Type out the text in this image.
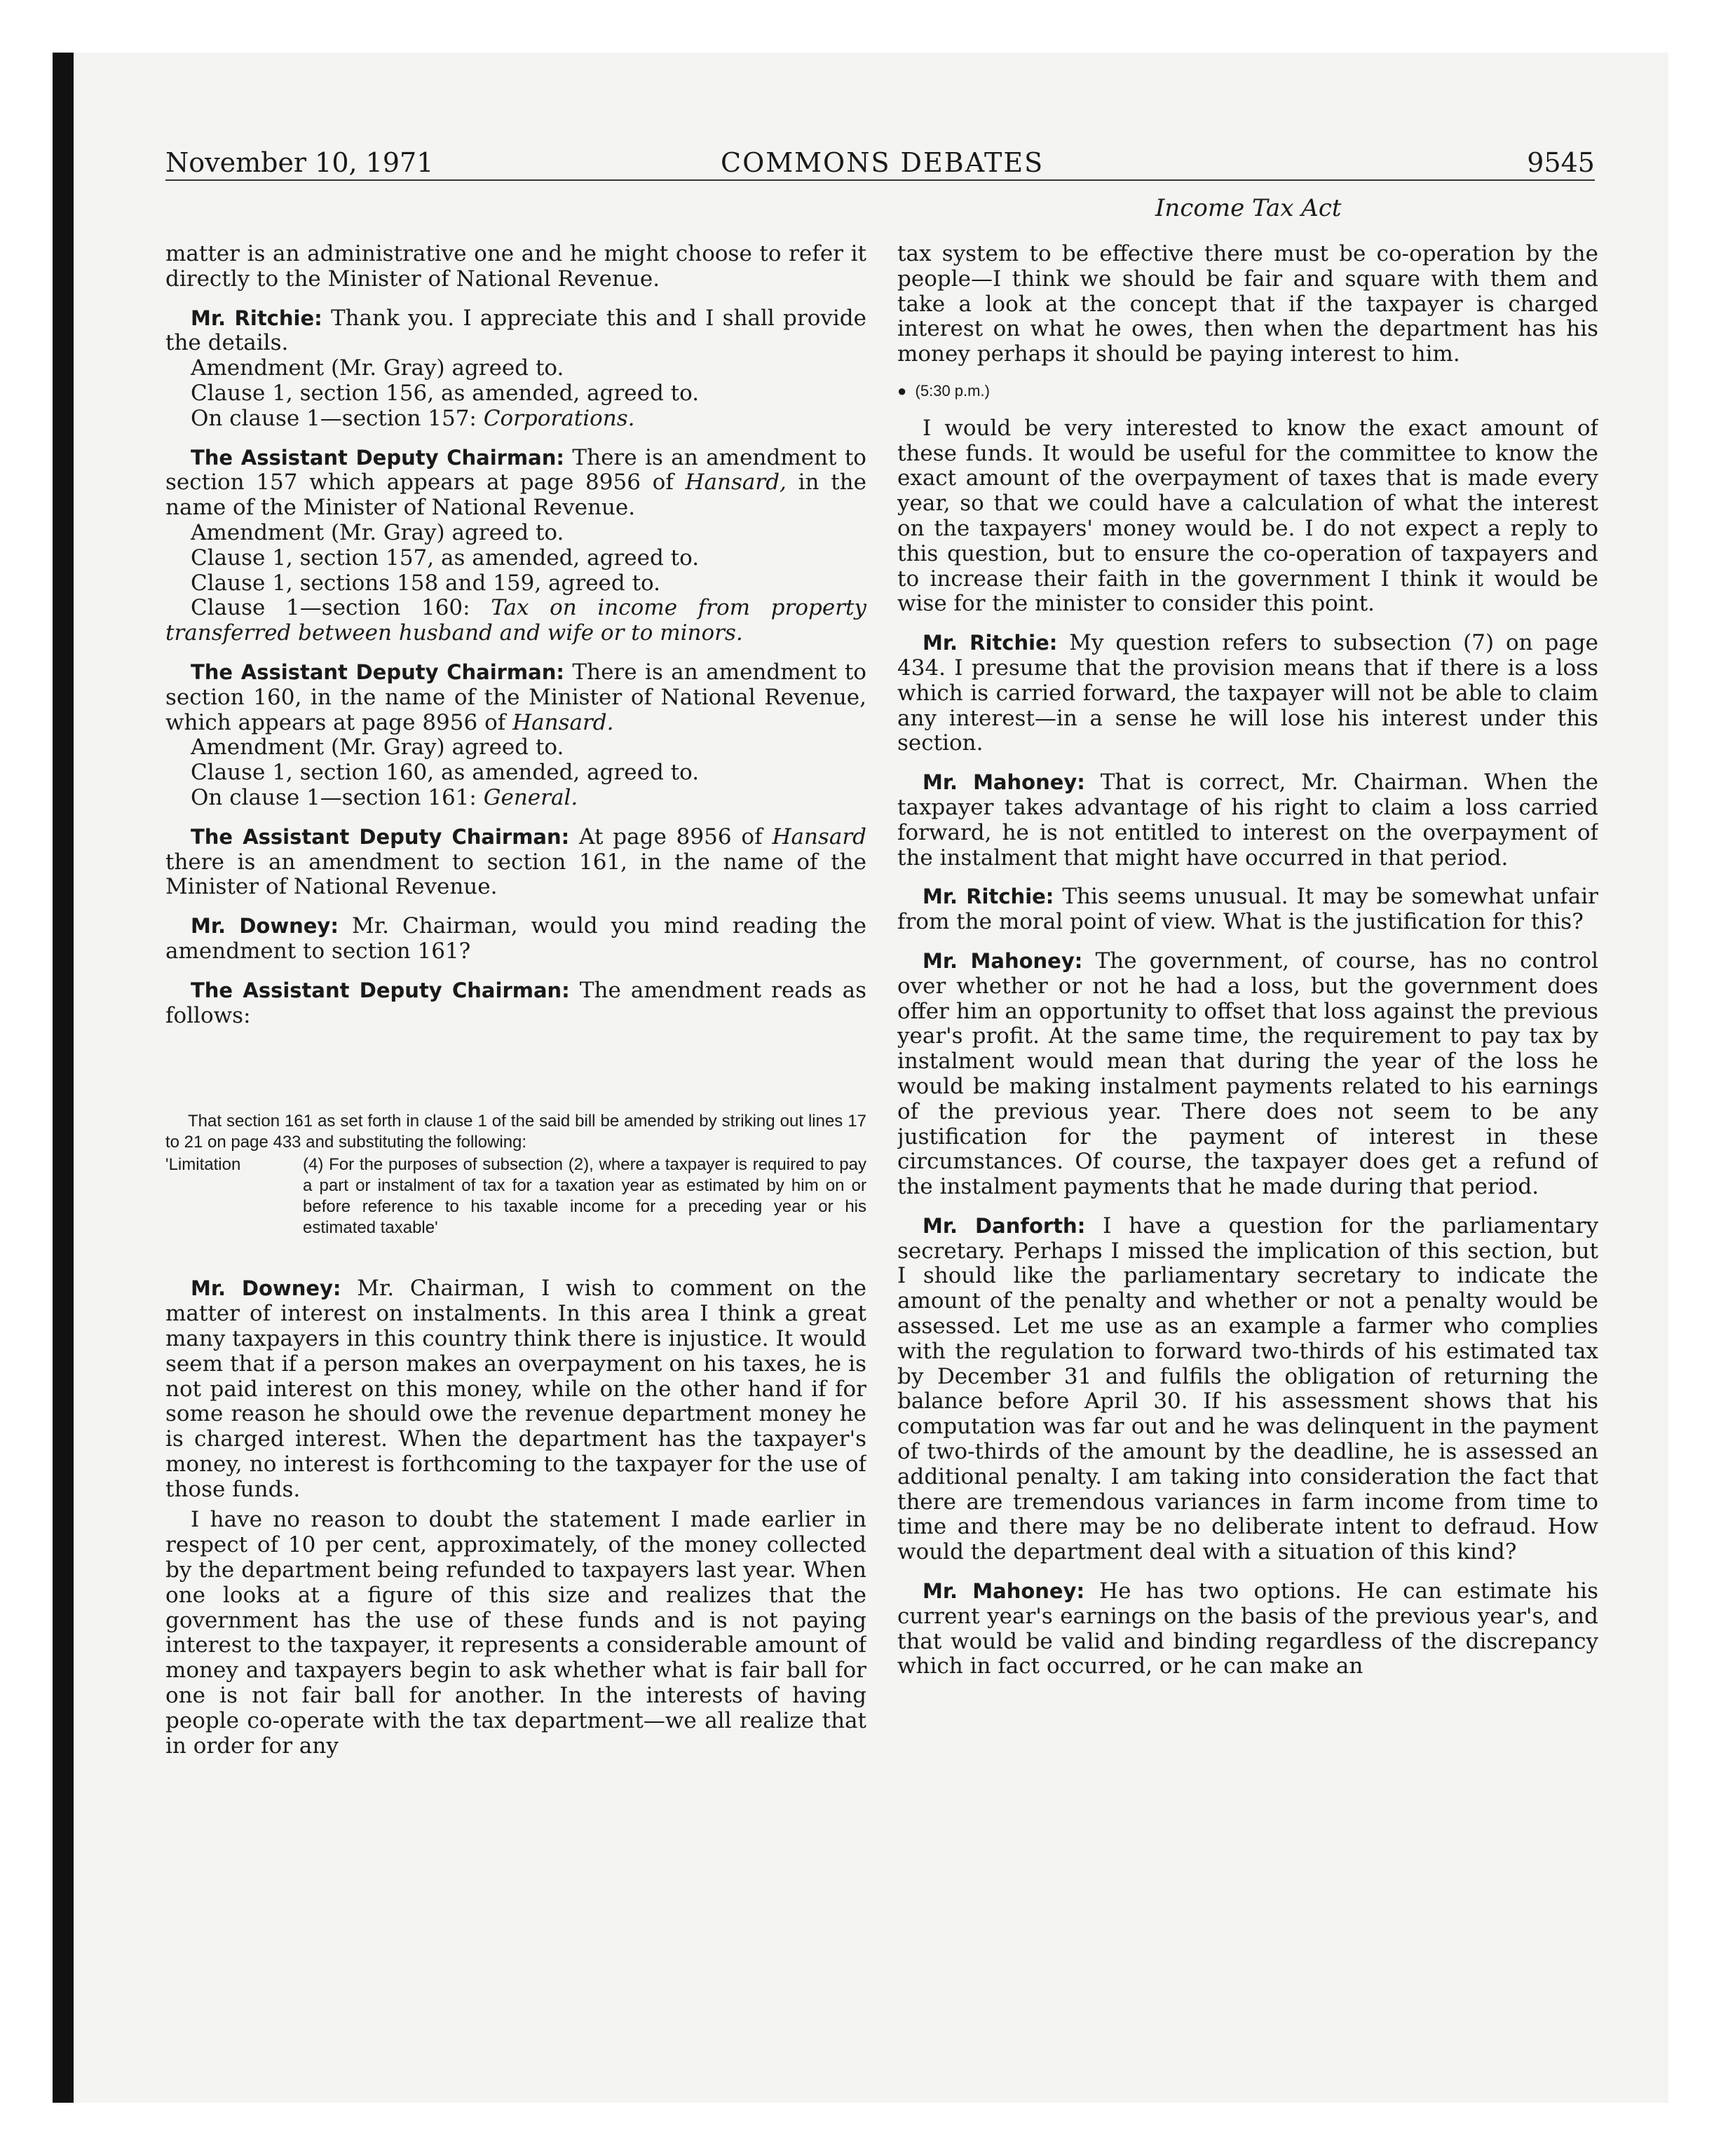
November 10, 1971	COMMONS DEBATES	9545
Income Tax Act

matter is an administrative one and he might choose to refer it directly to the Minister of National Revenue.

Mr. Ritchie: Thank you. I appreciate this and I shall provide the details.

Amendment (Mr. Gray) agreed to.

Clause 1, section 156, as amended, agreed to.

On clause 1—section 157: Corporations.

The Assistant Deputy Chairman: There is an amendment to section 157 which appears at page 8956 of Hansard, in the name of the Minister of National Revenue.

Amendment (Mr. Gray) agreed to.

Clause 1, section 157, as amended, agreed to.

Clause 1, sections 158 and 159, agreed to.

Clause 1—section 160: Tax on income from property transferred between husband and wife or to minors.

The Assistant Deputy Chairman: There is an amendment to section 160, in the name of the Minister of National Revenue, which appears at page 8956 of Hansard.

Amendment (Mr. Gray) agreed to.

Clause 1, section 160, as amended, agreed to.

On clause 1—section 161: General.

The Assistant Deputy Chairman: At page 8956 of Hansard there is an amendment to section 161, in the name of the Minister of National Revenue.

Mr. Downey: Mr. Chairman, would you mind reading the amendment to section 161?

The Assistant Deputy Chairman: The amendment reads as follows:

That section 161 as set forth in clause 1 of the said bill be amended by striking out lines 17 to 21 on page 433 and substituting the following:

'Limitation	(4) For the purposes of subsection (2), where a taxpayer is required to pay a part or instalment of tax for a taxation year as estimated by him on or before reference to his taxable income for a preceding year or his estimated taxable'

Mr. Downey: Mr. Chairman, I wish to comment on the matter of interest on instalments. In this area I think a great many taxpayers in this country think there is injustice. It would seem that if a person makes an overpayment on his taxes, he is not paid interest on this money, while on the other hand if for some reason he should owe the revenue department money he is charged interest. When the department has the taxpayer's money, no interest is forthcoming to the taxpayer for the use of those funds.

I have no reason to doubt the statement I made earlier in respect of 10 per cent, approximately, of the money collected by the department being refunded to taxpayers last year. When one looks at a figure of this size and realizes that the government has the use of these funds and is not paying interest to the taxpayer, it represents a considerable amount of money and taxpayers begin to ask whether what is fair ball for one is not fair ball for another. In the interests of having people co-operate with the tax department—we all realize that in order for any

tax system to be effective there must be co-operation by the people—I think we should be fair and square with them and take a look at the concept that if the taxpayer is charged interest on what he owes, then when the department has his money perhaps it should be paying interest to him.

● (5:30 p.m.)

I would be very interested to know the exact amount of these funds. It would be useful for the committee to know the exact amount of the overpayment of taxes that is made every year, so that we could have a calculation of what the interest on the taxpayers' money would be. I do not expect a reply to this question, but to ensure the co-operation of taxpayers and to increase their faith in the government I think it would be wise for the minister to consider this point.

Mr. Ritchie: My question refers to subsection (7) on page 434. I presume that the provision means that if there is a loss which is carried forward, the taxpayer will not be able to claim any interest—in a sense he will lose his interest under this section.

Mr. Mahoney: That is correct, Mr. Chairman. When the taxpayer takes advantage of his right to claim a loss carried forward, he is not entitled to interest on the overpayment of the instalment that might have occurred in that period.

Mr. Ritchie: This seems unusual. It may be somewhat unfair from the moral point of view. What is the justification for this?

Mr. Mahoney: The government, of course, has no control over whether or not he had a loss, but the government does offer him an opportunity to offset that loss against the previous year's profit. At the same time, the requirement to pay tax by instalment would mean that during the year of the loss he would be making instalment payments related to his earnings of the previous year. There does not seem to be any justification for the payment of interest in these circumstances. Of course, the taxpayer does get a refund of the instalment payments that he made during that period.

Mr. Danforth: I have a question for the parliamentary secretary. Perhaps I missed the implication of this section, but I should like the parliamentary secretary to indicate the amount of the penalty and whether or not a penalty would be assessed. Let me use as an example a farmer who complies with the regulation to forward two-thirds of his estimated tax by December 31 and fulfils the obligation of returning the balance before April 30. If his assessment shows that his computation was far out and he was delinquent in the payment of two-thirds of the amount by the deadline, he is assessed an additional penalty. I am taking into consideration the fact that there are tremendous variances in farm income from time to time and there may be no deliberate intent to defraud. How would the department deal with a situation of this kind?

Mr. Mahoney: He has two options. He can estimate his current year's earnings on the basis of the previous year's, and that would be valid and binding regardless of the discrepancy which in fact occurred, or he can make an
